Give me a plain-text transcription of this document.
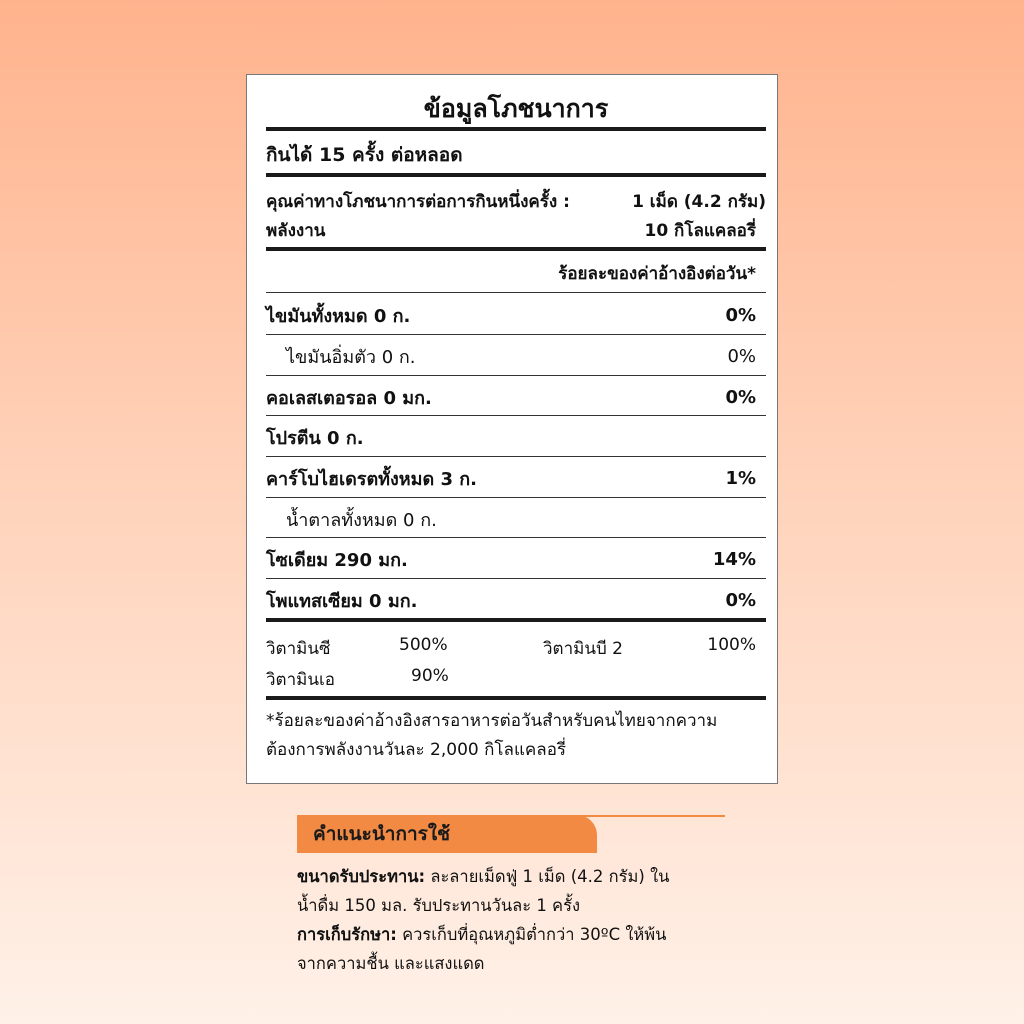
ข้อมูลโภชนาการ
กินได้ 15 ครั้ง ต่อหลอด
คุณค่าทางโภชนาการต่อการกินหนึ่งครั้ง :	1 เม็ด (4.2 กรัม)
พลังงาน	10 กิโลแคลอรี่
ร้อยละของค่าอ้างอิงต่อวัน*
ไขมันทั้งหมด 0 ก.	0%
ไขมันอิ่มตัว 0 ก.	0%
คอเลสเตอรอล 0 มก.	0%
โปรตีน 0 ก.
คาร์โบไฮเดรตทั้งหมด 3 ก.	1%
น้ำตาลทั้งหมด 0 ก.
โซเดียม 290 มก.	14%
โพแทสเซียม 0 มก.	0%
วิตามินซี	500%	วิตามินบี 2	100%
วิตามินเอ	90%
*ร้อยละของค่าอ้างอิงสารอาหารต่อวันสำหรับคนไทยจากความ
ต้องการพลังงานวันละ 2,000 กิโลแคลอรี่
คำแนะนำการใช้
ขนาดรับประทาน: ละลายเม็ดฟู่ 1 เม็ด (4.2 กรัม) ใน
น้ำดื่ม 150 มล. รับประทานวันละ 1 ครั้ง
การเก็บรักษา: ควรเก็บที่อุณหภูมิต่ำกว่า 30ºC ให้พ้น
จากความชื้น และแสงแดด
